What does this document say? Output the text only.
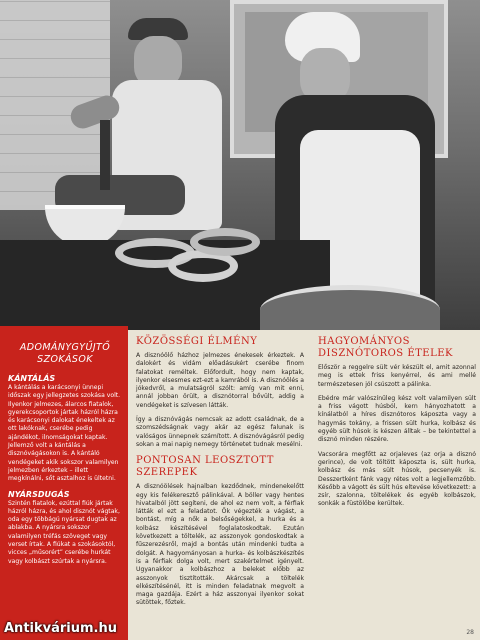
ADOMÁNYGYŰJTŐ
SZOKÁSOK
KÁNTÁLÁS

A kántálás a karácsonyi ünnepi időszak egy jellegzetes szokása volt. Ilyenkor jelmezes, álarcos fiatalok, gyerekcsoportok jártak házról házra és karácsonyi dalokat énekeltek az ott lakóknak, cserébe pedig ajándékot, ilnomságokat kaptak. Jellemző volt a kántálás a disznóvágásokon is. A kántáló vendégeket akik sokszor valamilyen jelmezben érkeztek – illett megkínálni, sőt asztalhoz is ültetni.

NYÁRSDUGÁS

Szintén fiatalok, ezúttal fiúk jártak házról házra, és ahol disznót vágtak, oda egy többágú nyársat dugtak az ablakba. A nyársra sokszor valamilyen tréfás szöveget vagy verset írtak. A fiúkat a szokásoktól, vicces „műsorért” cserébe hurkát vagy kolbászt szúrtak a nyársra.

KÖZÖSSÉGI ÉLMÉNY

A disznóölő házhoz jelmezes énekesek érkeztek. A dalokért és vidám előadásukért cserébe finom falatokat reméltek. Előfordult, hogy nem kaptak, ilyenkor elsesmes ezt-ezt a kamrából is. A disznóölés a jókedvről, a mulatságról szólt: amíg van mit enni, annál jobban örült, a disznótorral bővült, addig a vendégeket is szívesen látták.

Így a disznóvágás nemcsak az adott családnak, de a szomszédságnak vagy akár az egész falunak is valóságos ünnepnek számított. A disznóvágásról pedig sokan a mai napig nemegy történetet tudnak mesélni.

PONTOSAN LEOSZTOTT SZEREPEK

A disznóölések hajnalban kezdődnek, mindenekelőtt egy kis felékeresztő pálinkával. A böller vagy hentes hivatalból jött segíteni, de ahol ez nem volt, a férfiak látták el ezt a feladatot. Ők végezték a vágást, a bontást, míg a nők a belsőségekkel, a hurka és a kolbász készítésével foglalatoskodtak. Ezután következett a töltelék, az asszonyok gondoskodtak a fűszerezésről, majd a bontás után mindenki tudta a dolgát. A hagyományosan a hurka- és kolbászkészítés is a férfiak dolga volt, mert szakértelmet igényelt. Ugyanakkor a kolbászhoz a beleket előbb az asszonyok tisztították. Akárcsak a töltelék elkészítésénél, itt is minden feladatnak megvolt a maga gazdája. Ezért a ház asszonyai ilyenkor sokat sütöttek, főztek.

HAGYOMÁNYOS
DISZNÓTOROS ÉTELEK

Először a reggelre sült vér készült el, amit azonnal meg is ettek friss kenyérrel, és ami mellé természetesen jól csúszott a pálinka.

Ebédre már valószínűleg kész volt valamilyen sült a friss vágott húsból, kern hányozhatott a kínálatból a híres disznótoros káposzta vagy a hagymás tokány, a frissen sült hurka, kolbász és egyéb sült húsok is készen álltak – be tekintettel a disznó minden részére.

Vacsorára megfőtt az orjaleves (az orja a disznó gerince), de volt töltött káposzta is, sült hurka, kolbász és más sült húsok, pecsenyék is. Desszertként fánk vagy rétes volt a legjellemzőbb. Később a vágott és sült hús eltevése következett: a zsír, szalonna, töltelékek és egyéb kolbászok, sonkák a füstölőbe kerültek.

28
Antikvárium.hu
